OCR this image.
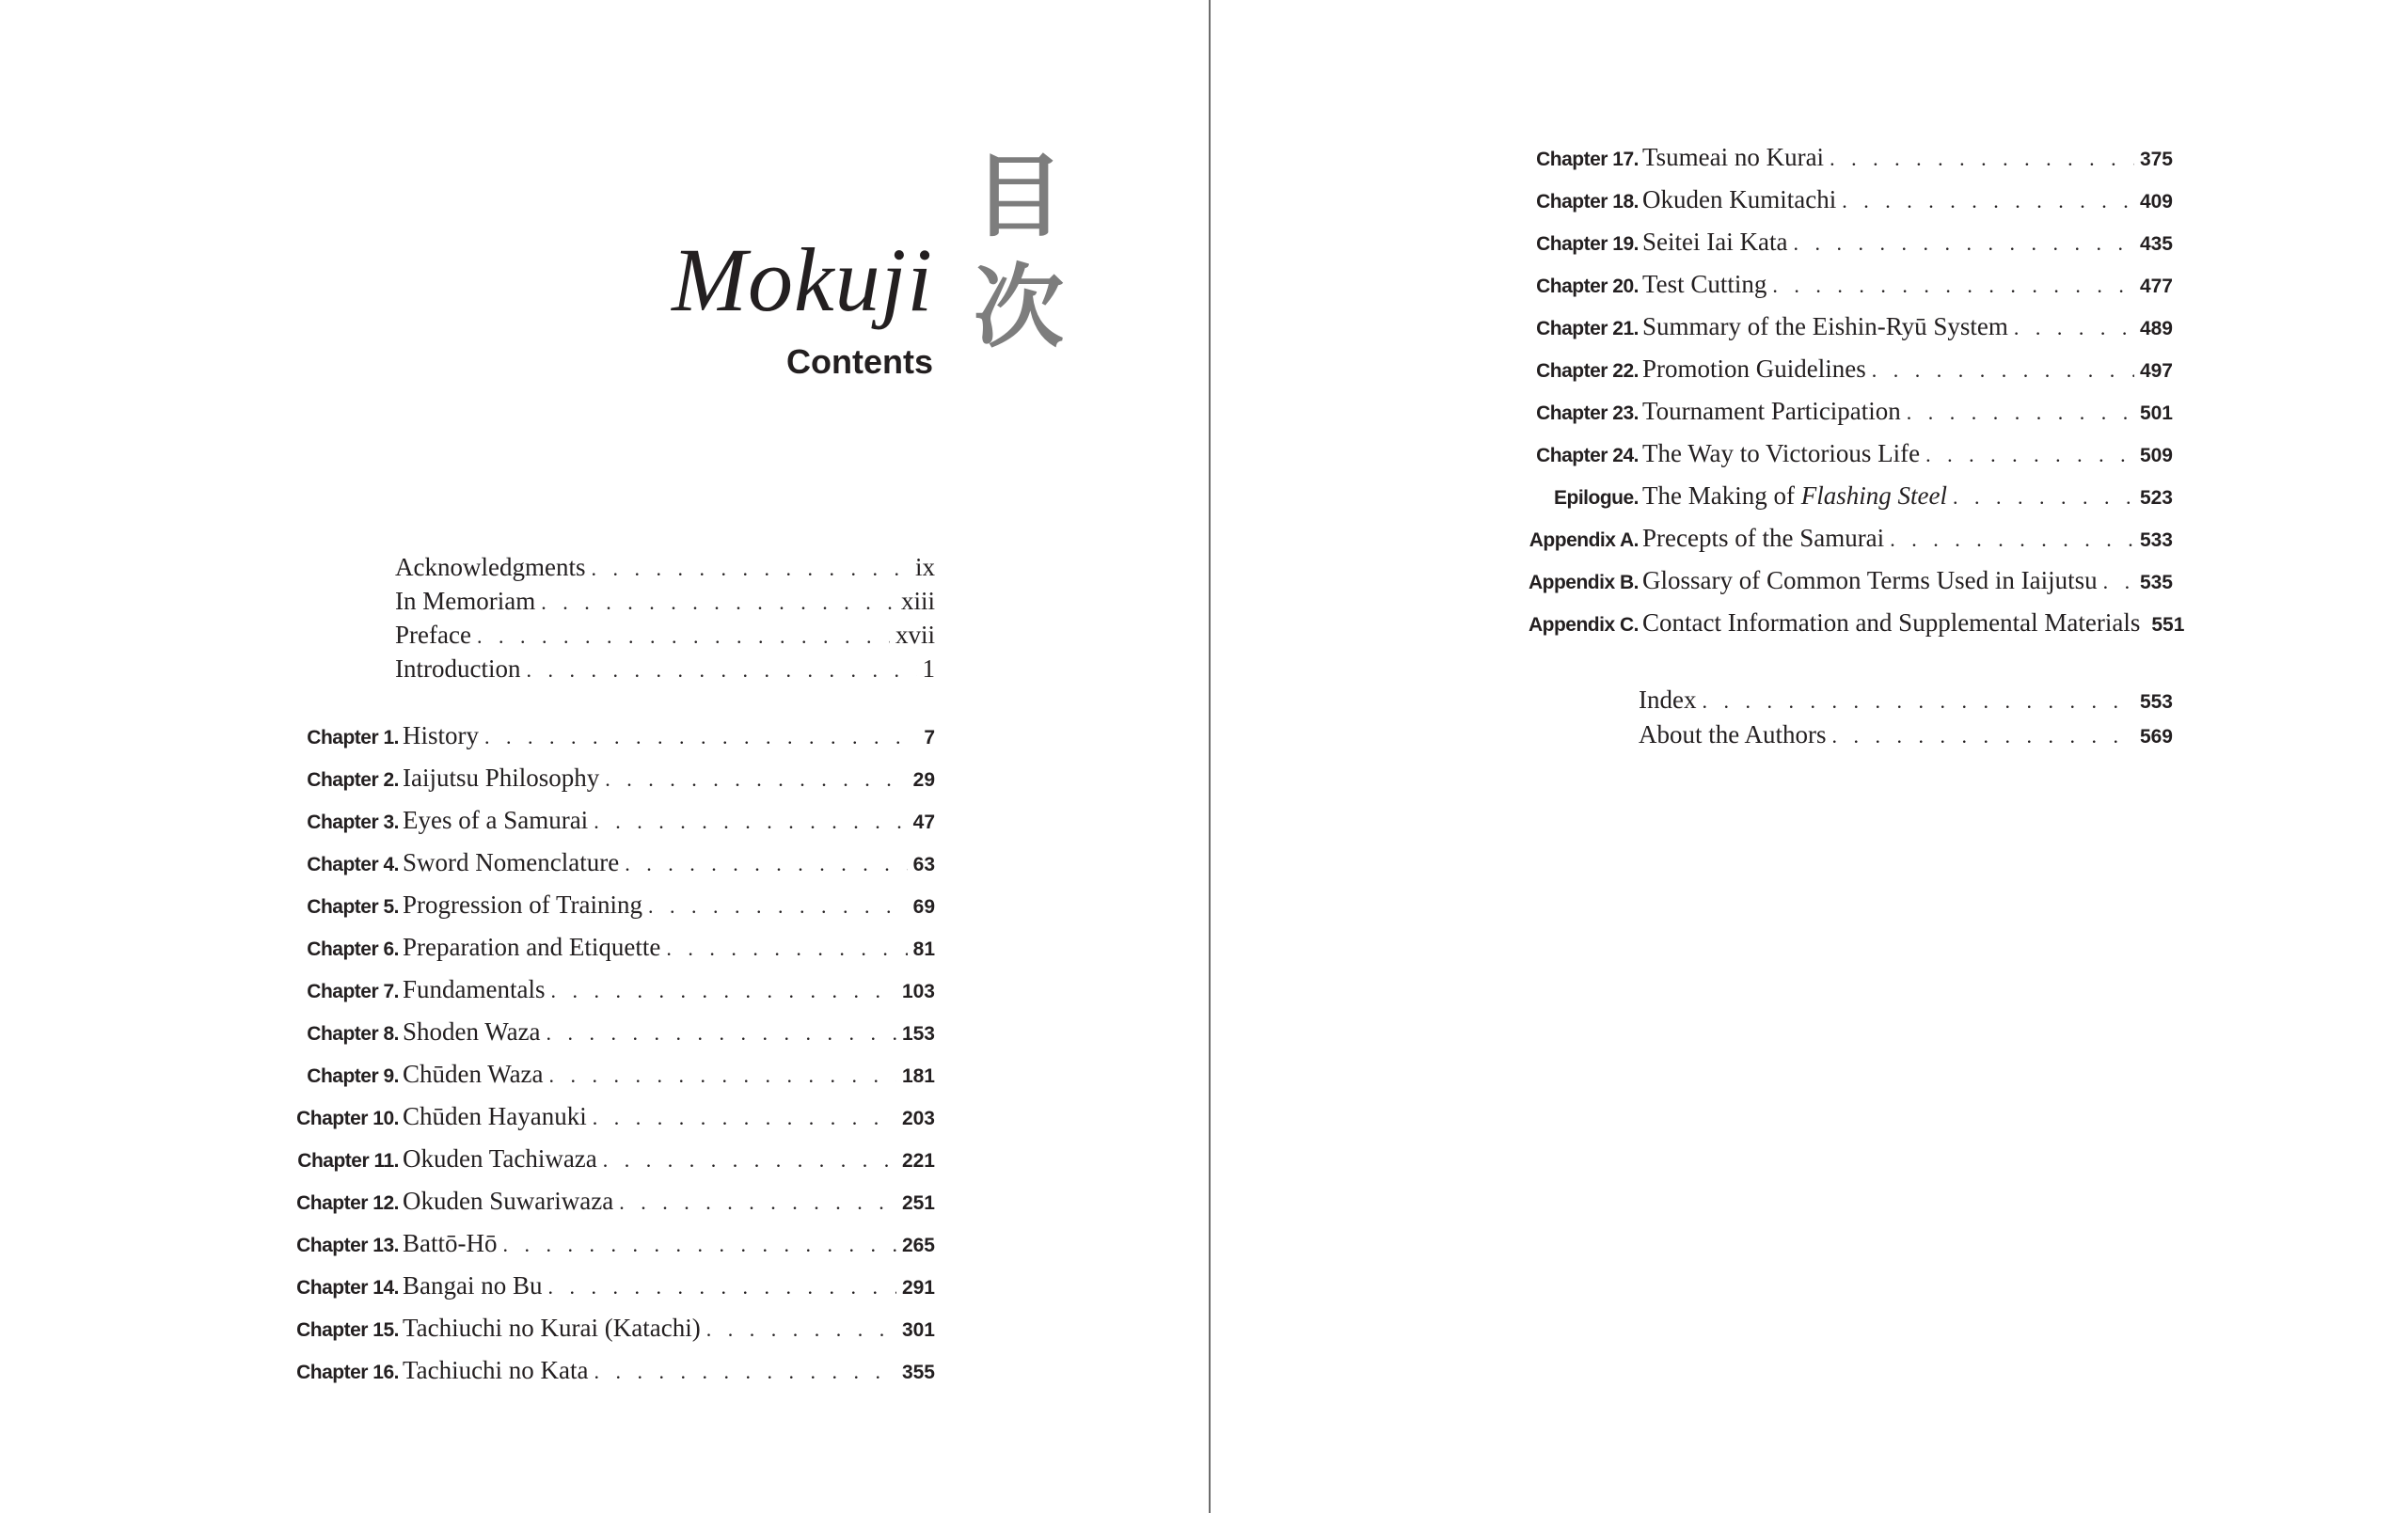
Mokuji
Contents
目次
Acknowledgments . . .	ix
In Memoriam . . .	xiii
Preface . . .	xvii
Introduction . . .	1
Chapter 1. History . . .	7
Chapter 2. Iaijutsu Philosophy . . .	29
Chapter 3. Eyes of a Samurai . . .	47
Chapter 4. Sword Nomenclature . . .	63
Chapter 5. Progression of Training . . .	69
Chapter 6. Preparation and Etiquette . . .	81
Chapter 7. Fundamentals . . .	103
Chapter 8. Shoden Waza . . .	153
Chapter 9. Chūden Waza . . .	181
Chapter 10. Chūden Hayanuki . . .	203
Chapter 11. Okuden Tachiwaza . . .	221
Chapter 12. Okuden Suwariwaza . . .	251
Chapter 13. Battō-Hō . . .	265
Chapter 14. Bangai no Bu . . .	291
Chapter 15. Tachiuchi no Kurai (Katachi) . . .	301
Chapter 16. Tachiuchi no Kata . . .	355
Chapter 17. Tsumeai no Kurai . . .	375
Chapter 18. Okuden Kumitachi . . .	409
Chapter 19. Seitei Iai Kata . . .	435
Chapter 20. Test Cutting . . .	477
Chapter 21. Summary of the Eishin-Ryū System . . .	489
Chapter 22. Promotion Guidelines . . .	497
Chapter 23. Tournament Participation . . .	501
Chapter 24. The Way to Victorious Life . . .	509
Epilogue. The Making of Flashing Steel . . .	523
Appendix A. Precepts of the Samurai . . .	533
Appendix B. Glossary of Common Terms Used in Iaijutsu . . . 535
Appendix C. Contact Information and Supplemental Materials 551
Index . . .	553
About the Authors . . .	569
